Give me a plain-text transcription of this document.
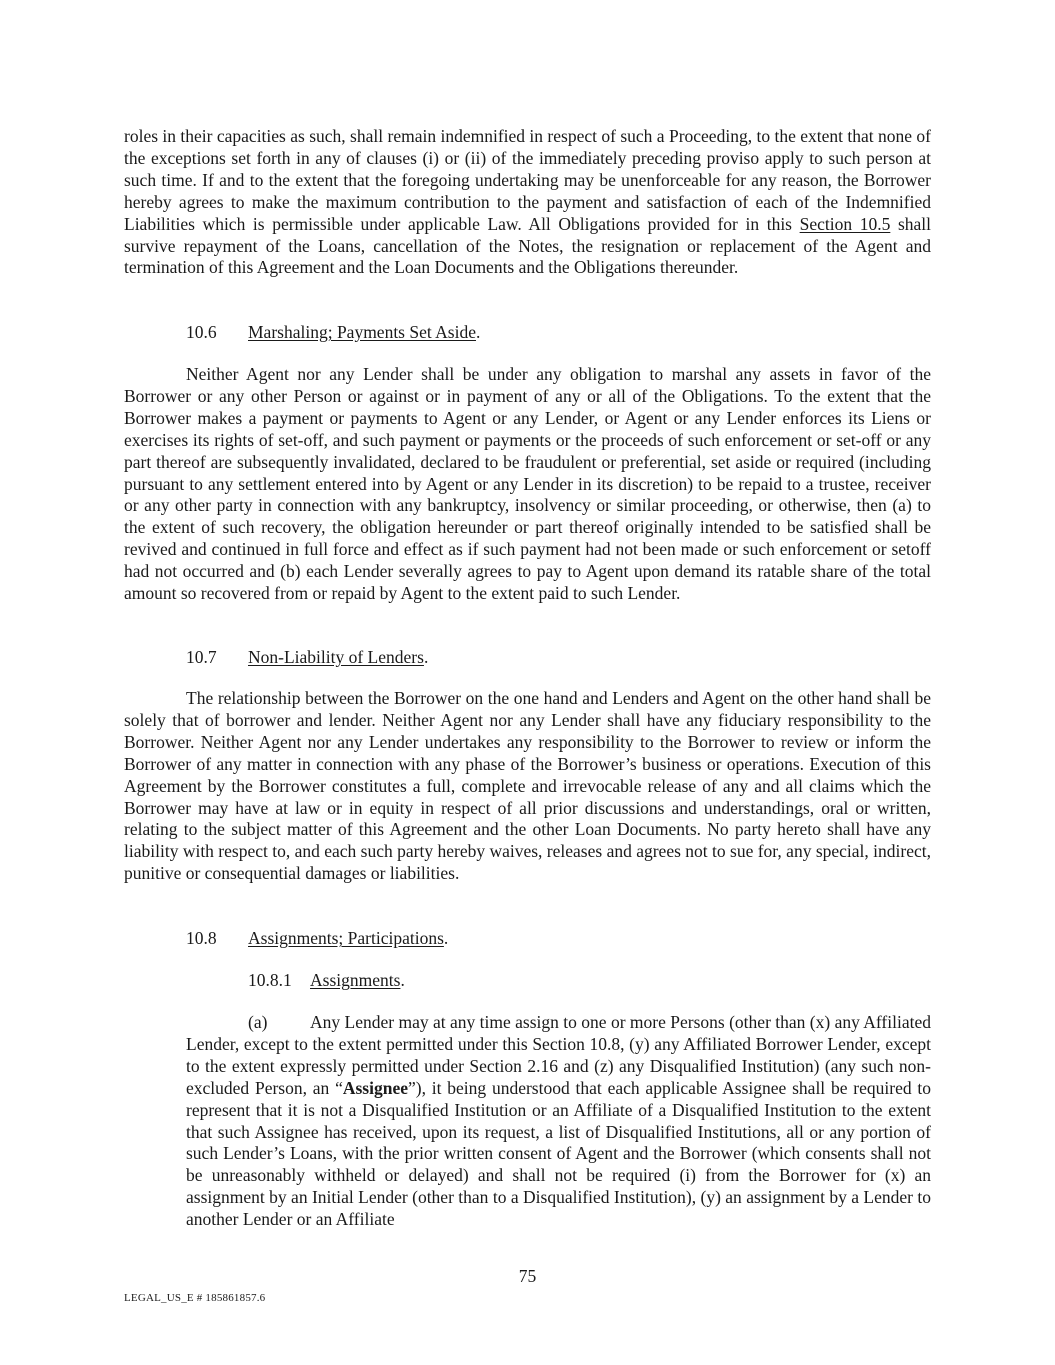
roles in their capacities as such, shall remain indemnified in respect of such a Proceeding, to the extent that none of the exceptions set forth in any of clauses (i) or (ii) of the immediately preceding proviso apply to such person at such time. If and to the extent that the foregoing undertaking may be unenforceable for any reason, the Borrower hereby agrees to make the maximum contribution to the payment and satisfaction of each of the Indemnified Liabilities which is permissible under applicable Law. All Obligations provided for in this Section 10.5 shall survive repayment of the Loans, cancellation of the Notes, the resignation or replacement of the Agent and termination of this Agreement and the Loan Documents and the Obligations thereunder.

10.6 Marshaling; Payments Set Aside.

Neither Agent nor any Lender shall be under any obligation to marshal any assets in favor of the Borrower or any other Person or against or in payment of any or all of the Obligations. To the extent that the Borrower makes a payment or payments to Agent or any Lender, or Agent or any Lender enforces its Liens or exercises its rights of set-off, and such payment or payments or the proceeds of such enforcement or set-off or any part thereof are subsequently invalidated, declared to be fraudulent or preferential, set aside or required (including pursuant to any settlement entered into by Agent or any Lender in its discretion) to be repaid to a trustee, receiver or any other party in connection with any bankruptcy, insolvency or similar proceeding, or otherwise, then (a) to the extent of such recovery, the obligation hereunder or part thereof originally intended to be satisfied shall be revived and continued in full force and effect as if such payment had not been made or such enforcement or setoff had not occurred and (b) each Lender severally agrees to pay to Agent upon demand its ratable share of the total amount so recovered from or repaid by Agent to the extent paid to such Lender.

10.7 Non-Liability of Lenders.

The relationship between the Borrower on the one hand and Lenders and Agent on the other hand shall be solely that of borrower and lender. Neither Agent nor any Lender shall have any fiduciary responsibility to the Borrower. Neither Agent nor any Lender undertakes any responsibility to the Borrower to review or inform the Borrower of any matter in connection with any phase of the Borrower’s business or operations. Execution of this Agreement by the Borrower constitutes a full, complete and irrevocable release of any and all claims which the Borrower may have at law or in equity in respect of all prior discussions and understandings, oral or written, relating to the subject matter of this Agreement and the other Loan Documents. No party hereto shall have any liability with respect to, and each such party hereby waives, releases and agrees not to sue for, any special, indirect, punitive or consequential damages or liabilities.

10.8 Assignments; Participations.

10.8.1 Assignments.

(a) Any Lender may at any time assign to one or more Persons (other than (x) any Affiliated Lender, except to the extent permitted under this Section 10.8, (y) any Affiliated Borrower Lender, except to the extent expressly permitted under Section 2.16 and (z) any Disqualified Institution) (any such non-excluded Person, an “Assignee”), it being understood that each applicable Assignee shall be required to represent that it is not a Disqualified Institution or an Affiliate of a Disqualified Institution to the extent that such Assignee has received, upon its request, a list of Disqualified Institutions, all or any portion of such Lender’s Loans, with the prior written consent of Agent and the Borrower (which consents shall not be unreasonably withheld or delayed) and shall not be required (i) from the Borrower for (x) an assignment by an Initial Lender (other than to a Disqualified Institution), (y) an assignment by a Lender to another Lender or an Affiliate

75

LEGAL_US_E # 185861857.6
